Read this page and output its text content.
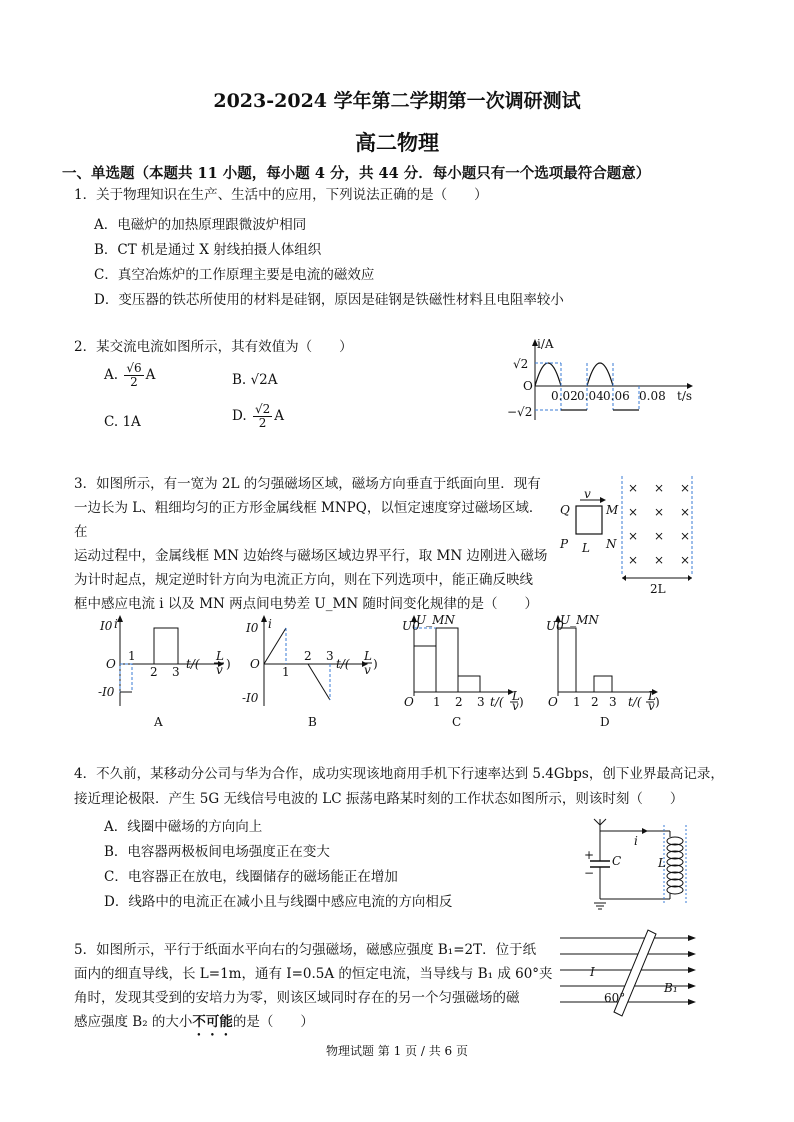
2023-2024 学年第二学期第一次调研测试
高二物理
一、单选题（本题共 11 小题，每小题 4 分，共 44 分．每小题只有一个选项最符合题意）
1．关于物理知识在生产、生活中的应用，下列说法正确的是（　　）
A．电磁炉的加热原理跟微波炉相同
B．CT 机是通过 X 射线拍摄人体组织
C．真空冶炼炉的工作原理主要是电流的磁效应
D．变压器的铁芯所使用的材料是硅钢，原因是硅钢是铁磁性材料且电阻率较小
2．某交流电流如图所示，其有效值为（　　）
A. $\frac{√6}{2}$ A	B. √2A
C. 1A	D. $\frac{√2}{2}$ A
i/A
t/s
O
√2
−√2
0.02 0.04 0.06 0.08
3．如图所示，有一宽为 2L 的匀强磁场区域，磁场方向垂直于纸面向里．现有
一边长为 L、粗细均匀的正方形金属线框 MNPQ，以恒定速度穿过磁场区域．在
运动过程中，金属线框 MN 边始终与磁场区域边界平行，取 MN 边刚进入磁场
为计时起点，规定逆时针方向为电流正方向，则在下列选项中，能正确反映线
框中感应电流 i 以及 MN 两点间电势差 U_MN 随时间变化规律的是（　　）
×
×
×
×
×
×
×
×
×
×
×
×
v
Q	M
P	N
L
2L
i
I0
-I0
O
1
2 3
t/(
L
v )
A
i
I0
-I0
O
1
2 3
t/(
L
v )
B
U_MN
U0
O 1 2 3 t/( L
v )
C
U_MN
U0
O 1 2 3 t/( L
v )
D
4．不久前，某移动分公司与华为合作，成功实现该地商用手机下行速率达到 5.4Gbps，创下业界最高记录，
接近理论极限．产生 5G 无线信号电波的 LC 振荡电路某时刻的工作状态如图所示，则该时刻（　　）
A．线圈中磁场的方向向上
B．电容器两极板间电场强度正在变大
C．电容器正在放电，线圈储存的磁场能正在增加
D．线路中的电流正在减小且与线圈中感应电流的方向相反
C
+
−
i
L
5．如图所示，平行于纸面水平向右的匀强磁场，磁感应强度 B₁=2T．位于纸
面内的细直导线，长 L=1m，通有 I=0.5A 的恒定电流，当导线与 B₁ 成 60°夹
角时，发现其受到的安培力为零，则该区域同时存在的另一个匀强磁场的磁
感应强度 B₂ 的大小不可能的是（　　）
I
60°
B₁
物理试题 第 1 页 / 共 6 页
